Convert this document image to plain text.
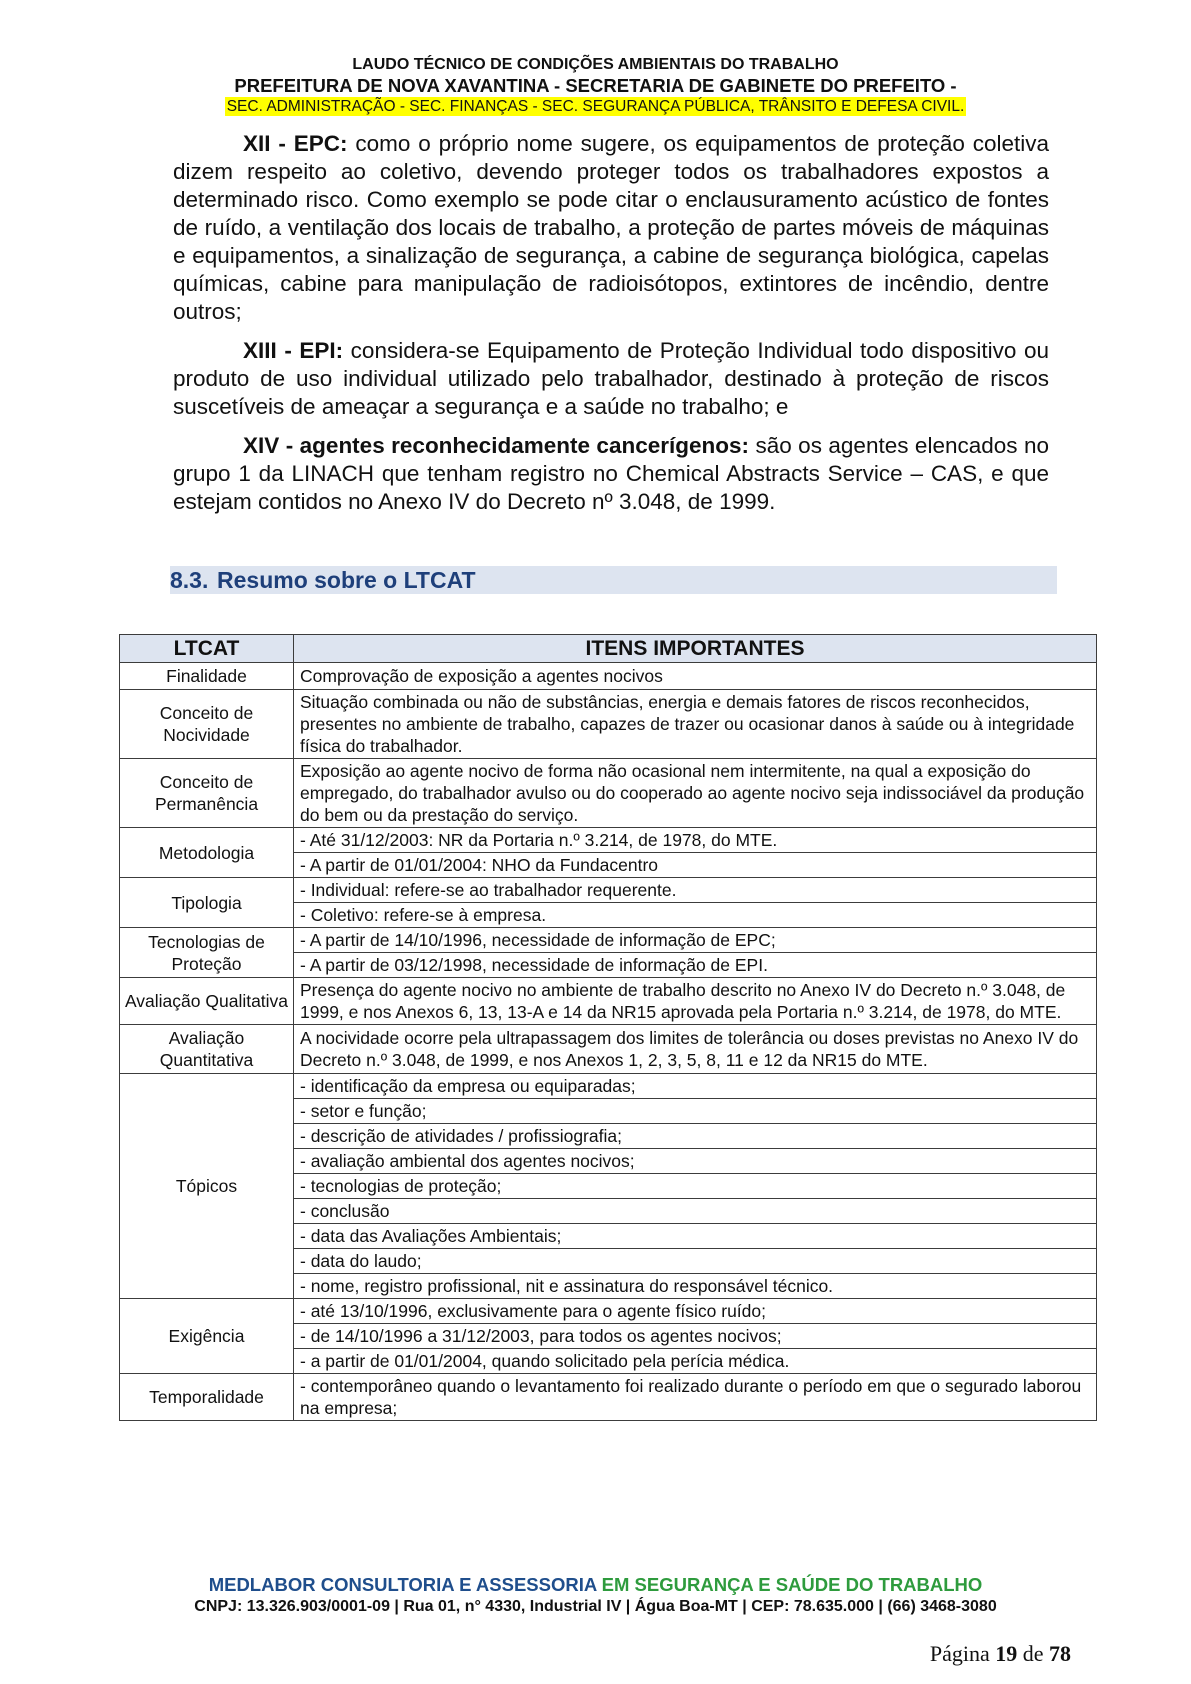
LAUDO TÉCNICO DE CONDIÇÕES AMBIENTAIS DO TRABALHO
PREFEITURA DE NOVA XAVANTINA - SECRETARIA DE GABINETE DO PREFEITO -
SEC. ADMINISTRAÇÃO - SEC. FINANÇAS - SEC. SEGURANÇA PÚBLICA, TRÂNSITO E DEFESA CIVIL.

XII - EPC: como o próprio nome sugere, os equipamentos de proteção coletiva dizem respeito ao coletivo, devendo proteger todos os trabalhadores expostos a determinado risco. Como exemplo se pode citar o enclausuramento acústico de fontes de ruído, a ventilação dos locais de trabalho, a proteção de partes móveis de máquinas e equipamentos, a sinalização de segurança, a cabine de segurança biológica, capelas químicas, cabine para manipulação de radioisótopos, extintores de incêndio, dentre outros;

XIII - EPI: considera-se Equipamento de Proteção Individual todo dispositivo ou produto de uso individual utilizado pelo trabalhador, destinado à proteção de riscos suscetíveis de ameaçar a segurança e a saúde no trabalho; e

XIV - agentes reconhecidamente cancerígenos: são os agentes elencados no grupo 1 da LINACH que tenham registro no Chemical Abstracts Service – CAS, e que estejam contidos no Anexo IV do Decreto nº 3.048, de 1999.

8.3. Resumo sobre o LTCAT
LTCAT	ITENS IMPORTANTES
Finalidade	Comprovação de exposição a agentes nocivos
Conceito de Nocividade	Situação combinada ou não de substâncias, energia e demais fatores de riscos reconhecidos, presentes no ambiente de trabalho, capazes de trazer ou ocasionar danos à saúde ou à integridade física do trabalhador.
Conceito de Permanência	Exposição ao agente nocivo de forma não ocasional nem intermitente, na qual a exposição do empregado, do trabalhador avulso ou do cooperado ao agente nocivo seja indissociável da produção do bem ou da prestação do serviço.
Metodologia	- Até 31/12/2003: NR da Portaria n.º 3.214, de 1978, do MTE.
	- A partir de 01/01/2004: NHO da Fundacentro
Tipologia	- Individual: refere-se ao trabalhador requerente.
	- Coletivo: refere-se à empresa.
Tecnologias de Proteção	- A partir de 14/10/1996, necessidade de informação de EPC;
	- A partir de 03/12/1998, necessidade de informação de EPI.
Avaliação Qualitativa	Presença do agente nocivo no ambiente de trabalho descrito no Anexo IV do Decreto n.º 3.048, de 1999, e nos Anexos 6, 13, 13-A e 14 da NR15 aprovada pela Portaria n.º 3.214, de 1978, do MTE.
Avaliação Quantitativa	A nocividade ocorre pela ultrapassagem dos limites de tolerância ou doses previstas no Anexo IV do Decreto n.º 3.048, de 1999, e nos Anexos 1, 2, 3, 5, 8, 11 e 12 da NR15 do MTE.
Tópicos	- identificação da empresa ou equiparadas;
	- setor e função;
	- descrição de atividades / profissiografia;
	- avaliação ambiental dos agentes nocivos;
	- tecnologias de proteção;
	- conclusão
	- data das Avaliações Ambientais;
	- data do laudo;
	- nome, registro profissional, nit e assinatura do responsável técnico.
Exigência	- até 13/10/1996, exclusivamente para o agente físico ruído;
	- de 14/10/1996 a 31/12/2003, para todos os agentes nocivos;
	- a partir de 01/01/2004, quando solicitado pela perícia médica.
Temporalidade	- contemporâneo quando o levantamento foi realizado durante o período em que o segurado laborou na empresa;
MEDLABOR CONSULTORIA E ASSESSORIA EM SEGURANÇA E SAÚDE DO TRABALHO
CNPJ: 13.326.903/0001-09 | Rua 01, n° 4330, Industrial IV | Água Boa-MT | CEP: 78.635.000 | (66) 3468-3080
Página 19 de 78
